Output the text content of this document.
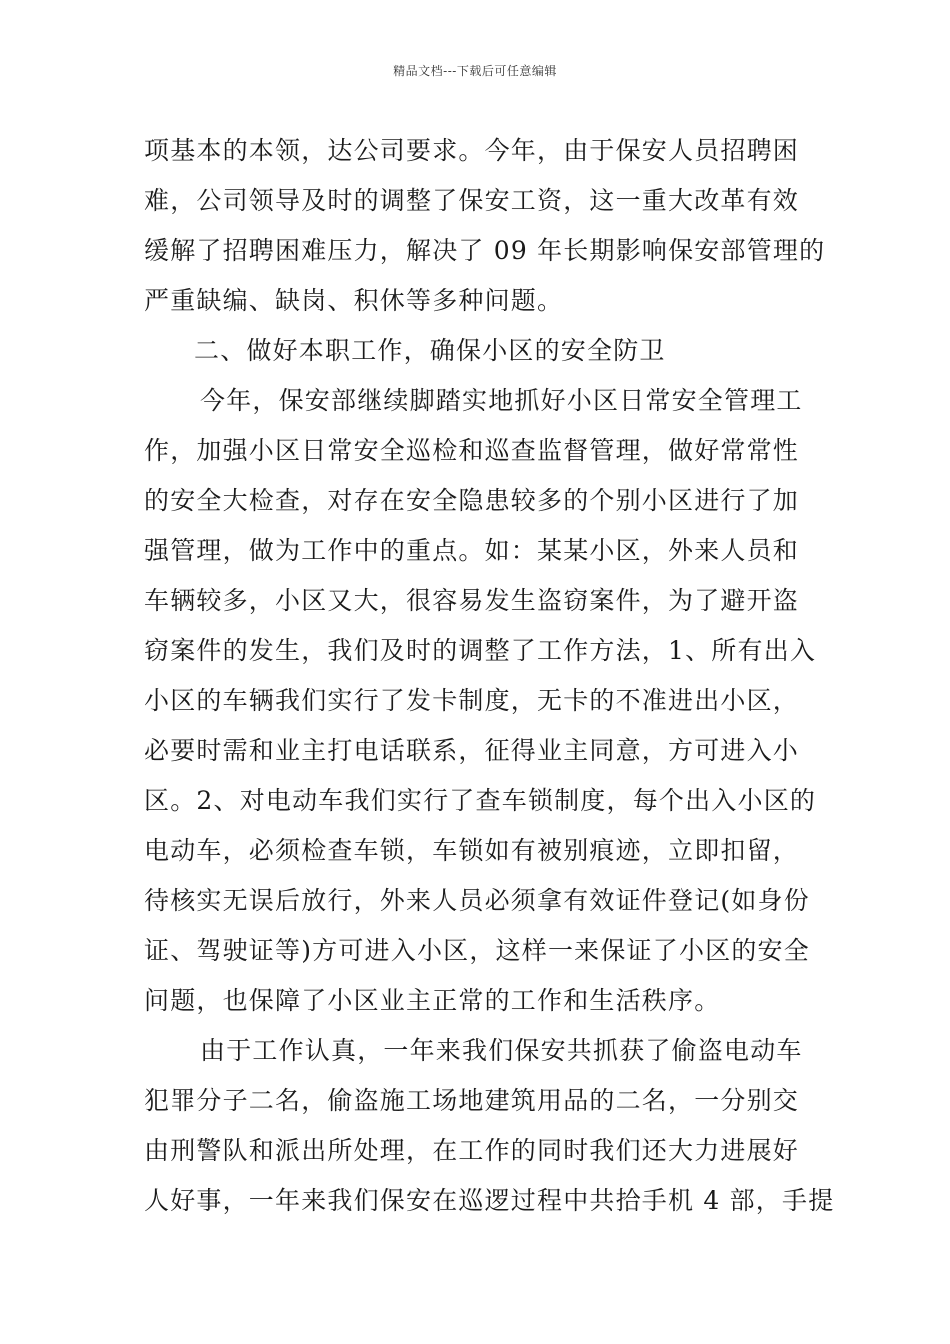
精品文档---下载后可任意编辑
项基本的本领，达公司要求。今年，由于保安人员招聘困
难，公司领导及时的调整了保安工资，这一重大改革有效
缓解了招聘困难压力，解决了 09 年长期影响保安部管理的
严重缺编、缺岗、积休等多种问题。
二、做好本职工作，确保小区的安全防卫
今年，保安部继续脚踏实地抓好小区日常安全管理工
作，加强小区日常安全巡检和巡查监督管理，做好常常性
的安全大检查，对存在安全隐患较多的个别小区进行了加
强管理，做为工作中的重点。如：某某小区，外来人员和
车辆较多，小区又大，很容易发生盗窃案件，为了避开盗
窃案件的发生，我们及时的调整了工作方法，1、所有出入
小区的车辆我们实行了发卡制度，无卡的不准进出小区，
必要时需和业主打电话联系，征得业主同意，方可进入小
区。2、对电动车我们实行了查车锁制度，每个出入小区的
电动车，必须检查车锁，车锁如有被别痕迹，立即扣留，
待核实无误后放行，外来人员必须拿有效证件登记(如身份
证、驾驶证等)方可进入小区，这样一来保证了小区的安全
问题，也保障了小区业主正常的工作和生活秩序。
由于工作认真，一年来我们保安共抓获了偷盗电动车
犯罪分子二名，偷盗施工场地建筑用品的二名，一分别交
由刑警队和派出所处理，在工作的同时我们还大力进展好
人好事，一年来我们保安在巡逻过程中共拾手机 4 部，手提
